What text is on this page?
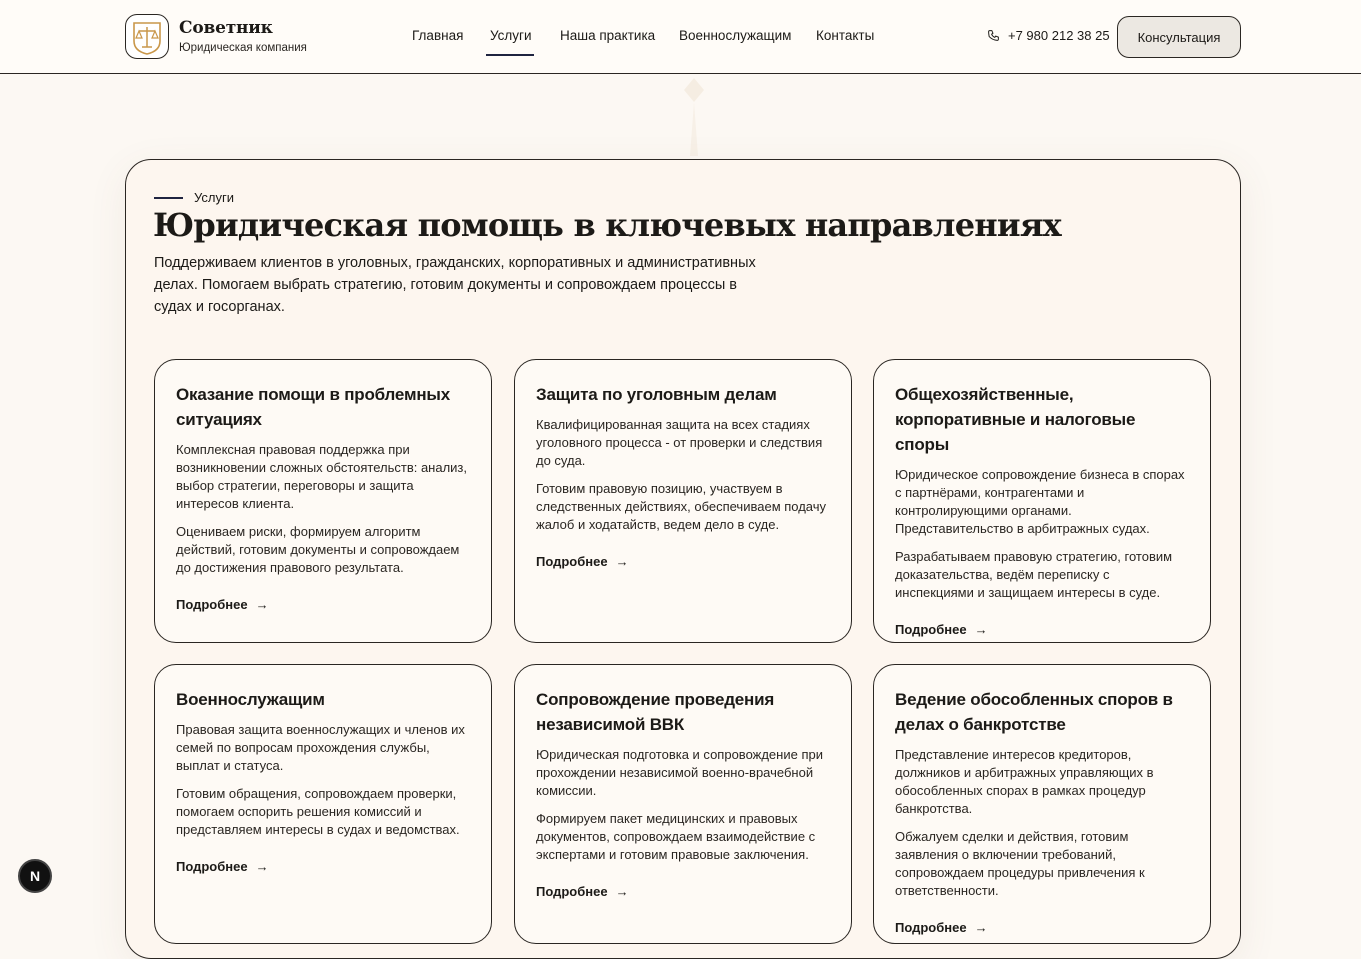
Советник
Юридическая компания
Главная Услуги Наша практика Военнослужащим Контакты	+7 980 212 38 25	Консультация
Услуги
Юридическая помощь в ключевых направлениях

Поддерживаем клиентов в уголовных, гражданских, корпоративных и административных делах. Помогаем выбрать стратегию, готовим документы и сопровождаем процессы в судах и госорганах.

Оказание помощи в проблемных ситуациях

Комплексная правовая поддержка при возникновении сложных обстоятельств: анализ, выбор стратегии, переговоры и защита интересов клиента.

Оцениваем риски, формируем алгоритм действий, готовим документы и сопровождаем до достижения правового результата.

Подробнее →
Защита по уголовным делам

Квалифицированная защита на всех стадиях уголовного процесса - от проверки и следствия до суда.

Готовим правовую позицию, участвуем в следственных действиях, обеспечиваем подачу жалоб и ходатайств, ведем дело в суде.

Подробнее →
Общехозяйственные, корпоративные и налоговые споры

Юридическое сопровождение бизнеса в спорах с партнёрами, контрагентами и контролирующими органами. Представительство в арбитражных судах.

Разрабатываем правовую стратегию, готовим доказательства, ведём переписку с инспекциями и защищаем интересы в суде.

Подробнее →
Военнослужащим

Правовая защита военнослужащих и членов их семей по вопросам прохождения службы, выплат и статуса.

Готовим обращения, сопровождаем проверки, помогаем оспорить решения комиссий и представляем интересы в судах и ведомствах.

Подробнее →
Сопровождение проведения независимой ВВК

Юридическая подготовка и сопровождение при прохождении независимой военно-врачебной комиссии.

Формируем пакет медицинских и правовых документов, сопровождаем взаимодействие с экспертами и готовим правовые заключения.

Подробнее →
Ведение обособленных споров в делах о банкротстве

Представление интересов кредиторов, должников и арбитражных управляющих в обособленных спорах в рамках процедур банкротства.

Обжалуем сделки и действия, готовим заявления о включении требований, сопровождаем процедуры привлечения к ответственности.

Подробнее →
N
